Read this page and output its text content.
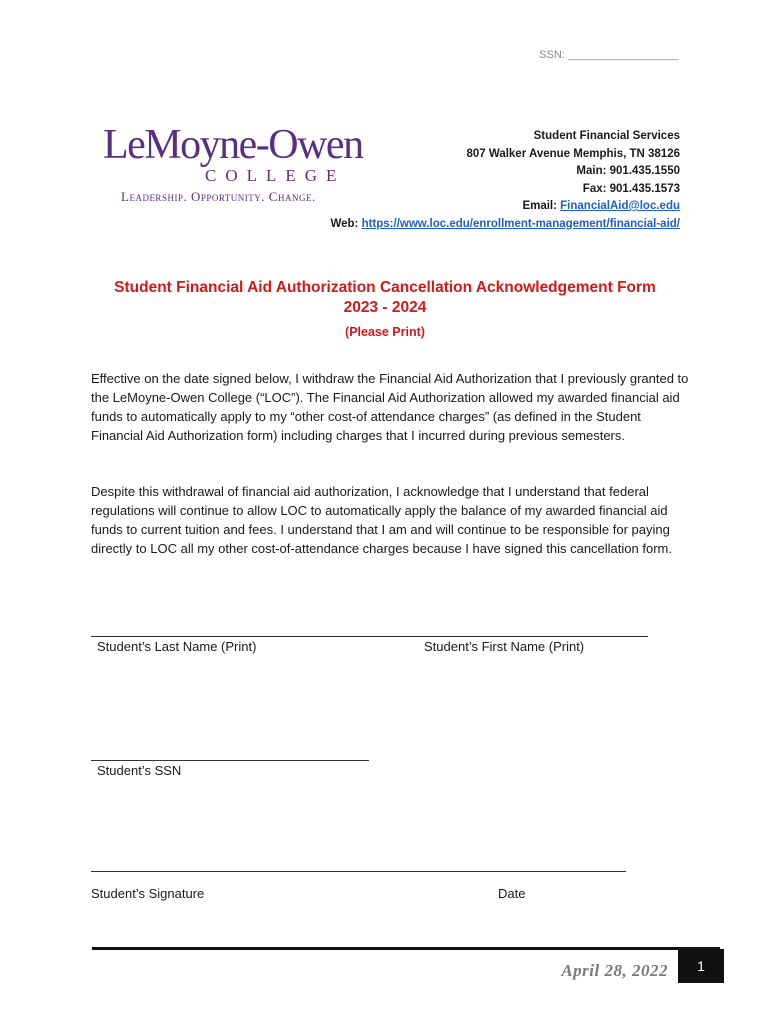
SSN: __________________
LeMoyne-Owen
COLLEGE
Leadership. Opportunity. Change.
Student Financial Services
807 Walker Avenue Memphis, TN 38126
Main: 901.435.1550
Fax: 901.435.1573
Email: FinancialAid@loc.edu
Web: https://www.loc.edu/enrollment-management/financial-aid/
Student Financial Aid Authorization Cancellation Acknowledgement Form
2023 - 2024
(Please Print)
Effective on the date signed below, I withdraw the Financial Aid Authorization that I previously granted to the LeMoyne-Owen College (“LOC”). The Financial Aid Authorization allowed my awarded financial aid funds to automatically apply to my “other cost-of attendance charges” (as defined in the Student Financial Aid Authorization form) including charges that I incurred during previous semesters.
Despite this withdrawal of financial aid authorization, I acknowledge that I understand that federal regulations will continue to allow LOC to automatically apply the balance of my awarded financial aid funds to current tuition and fees. I understand that I am and will continue to be responsible for paying directly to LOC all my other cost-of-attendance charges because I have signed this cancellation form.
Student’s Last Name (Print)	Student’s First Name (Print)
Student’s SSN
Student’s Signature	Date
April 28, 2022	1
